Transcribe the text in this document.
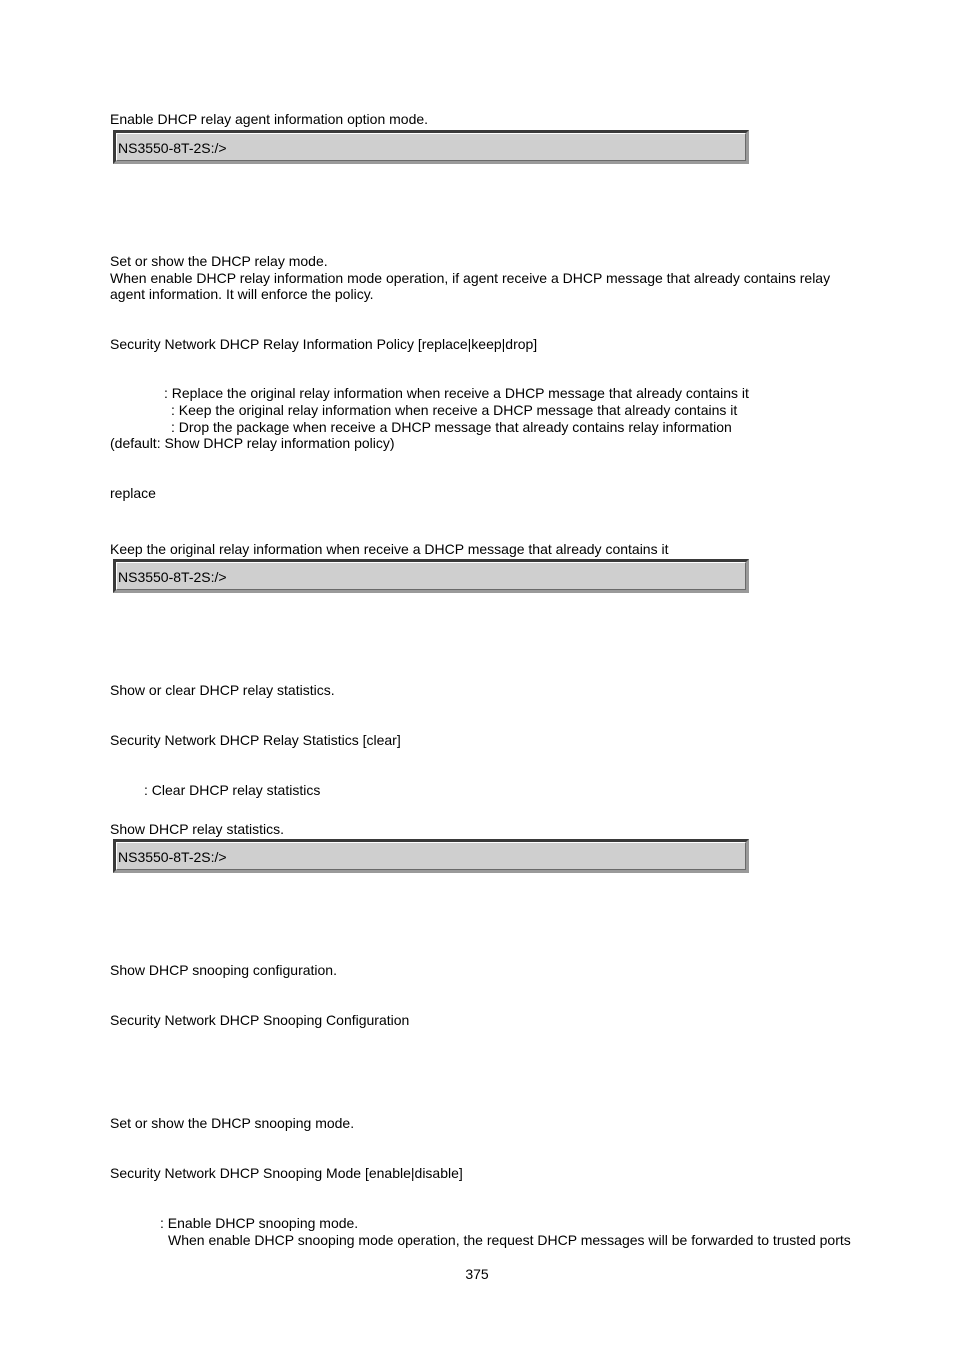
Enable DHCP relay agent information option mode.
NS3550-8T-2S:/>
Set or show the DHCP relay mode.
When enable DHCP relay information mode operation, if agent receive a DHCP message that already contains relay
agent information. It will enforce the policy.
Security Network DHCP Relay Information Policy [replace|keep|drop]
: Replace the original relay information when receive a DHCP message that already contains it
: Keep the original relay information when receive a DHCP message that already contains it
: Drop the package when receive a DHCP message that already contains relay information
(default: Show DHCP relay information policy)
replace
Keep the original relay information when receive a DHCP message that already contains it
NS3550-8T-2S:/>
Show or clear DHCP relay statistics.
Security Network DHCP Relay Statistics [clear]
: Clear DHCP relay statistics
Show DHCP relay statistics.
NS3550-8T-2S:/>
Show DHCP snooping configuration.
Security Network DHCP Snooping Configuration
Set or show the DHCP snooping mode.
Security Network DHCP Snooping Mode [enable|disable]
: Enable DHCP snooping mode.
When enable DHCP snooping mode operation, the request DHCP messages will be forwarded to trusted ports
375
